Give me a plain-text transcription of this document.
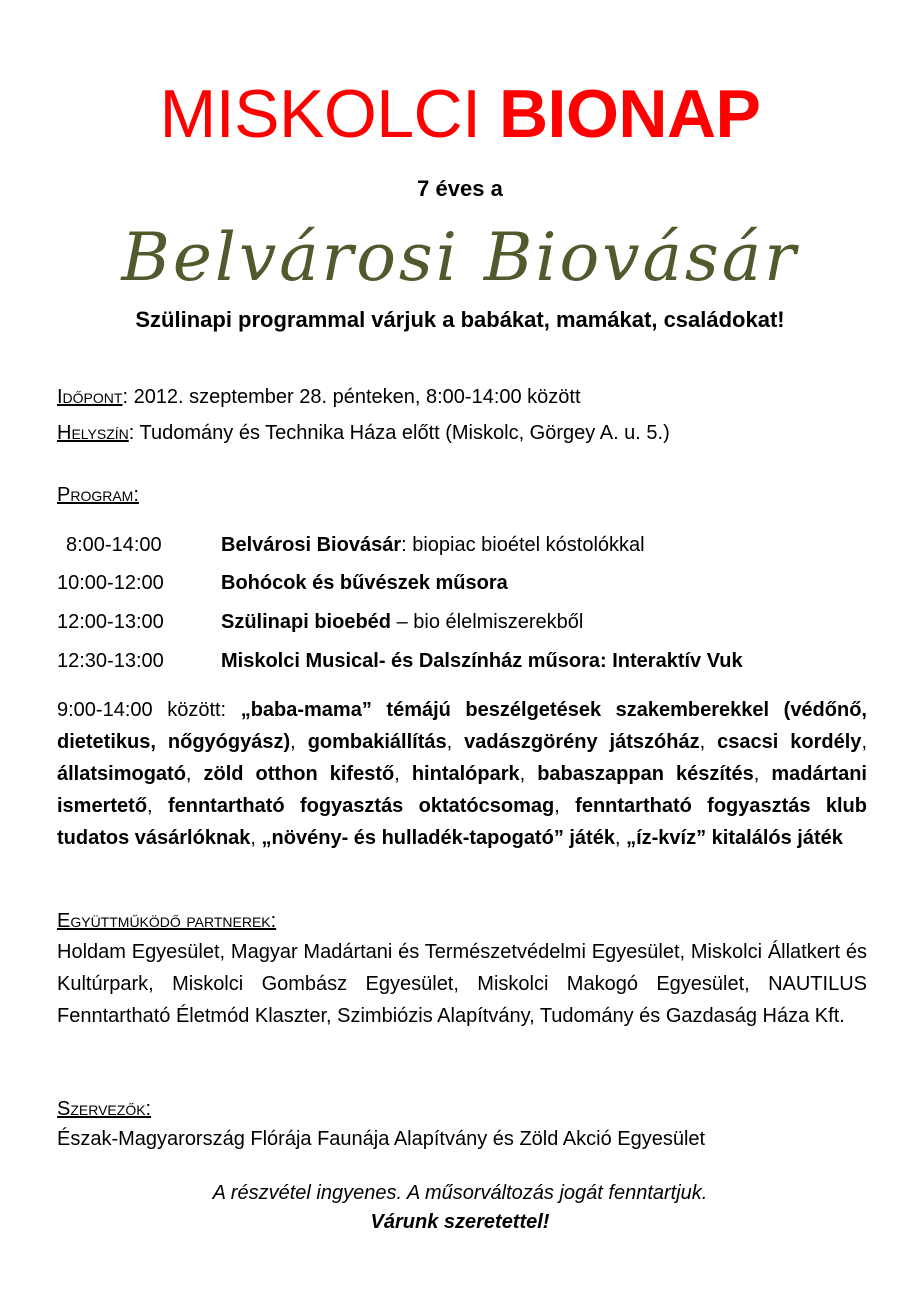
MISKOLCI BIONAP
7 éves a
Belvárosi Biovásár
Szülinapi programmal várjuk a babákat, mamákat, családokat!
Időpont: 2012. szeptember 28. pénteken, 8:00-14:00 között
Helyszín: Tudomány és Technika Háza előtt (Miskolc, Görgey A. u. 5.)
Program:
8:00-14:00	Belvárosi Biovásár: biopiac bioétel kóstolókkal
10:00-12:00	Bohócok és bűvészek műsora
12:00-13:00	Szülinapi bioebéd – bio élelmiszerekből
12:30-13:00	Miskolci Musical- és Dalszínház műsora: Interaktív Vuk
9:00-14:00 között: „baba-mama” témájú beszélgetések szakemberekkel (védőnő, dietetikus, nőgyógyász), gombakiállítás, vadászgörény játszóház, csacsi kordély, állatsimogató, zöld otthon kifestő, hintalópark, babaszappan készítés, madártani ismertető, fenntartható fogyasztás oktatócsomag, fenntartható fogyasztás klub tudatos vásárlóknak, „növény- és hulladék-tapogató” játék, „íz-kvíz” kitalálós játék
Együttműködő partnerek:
Holdam Egyesület, Magyar Madártani és Természetvédelmi Egyesület, Miskolci Állatkert és Kultúrpark, Miskolci Gombász Egyesület, Miskolci Makogó Egyesület, NAUTILUS Fenntartható Életmód Klaszter, Szimbiózis Alapítvány, Tudomány és Gazdaság Háza Kft.
Szervezők:
Észak-Magyarország Flórája Faunája Alapítvány és Zöld Akció Egyesület
A részvétel ingyenes. A műsorváltozás jogát fenntartjuk.
Várunk szeretettel!
